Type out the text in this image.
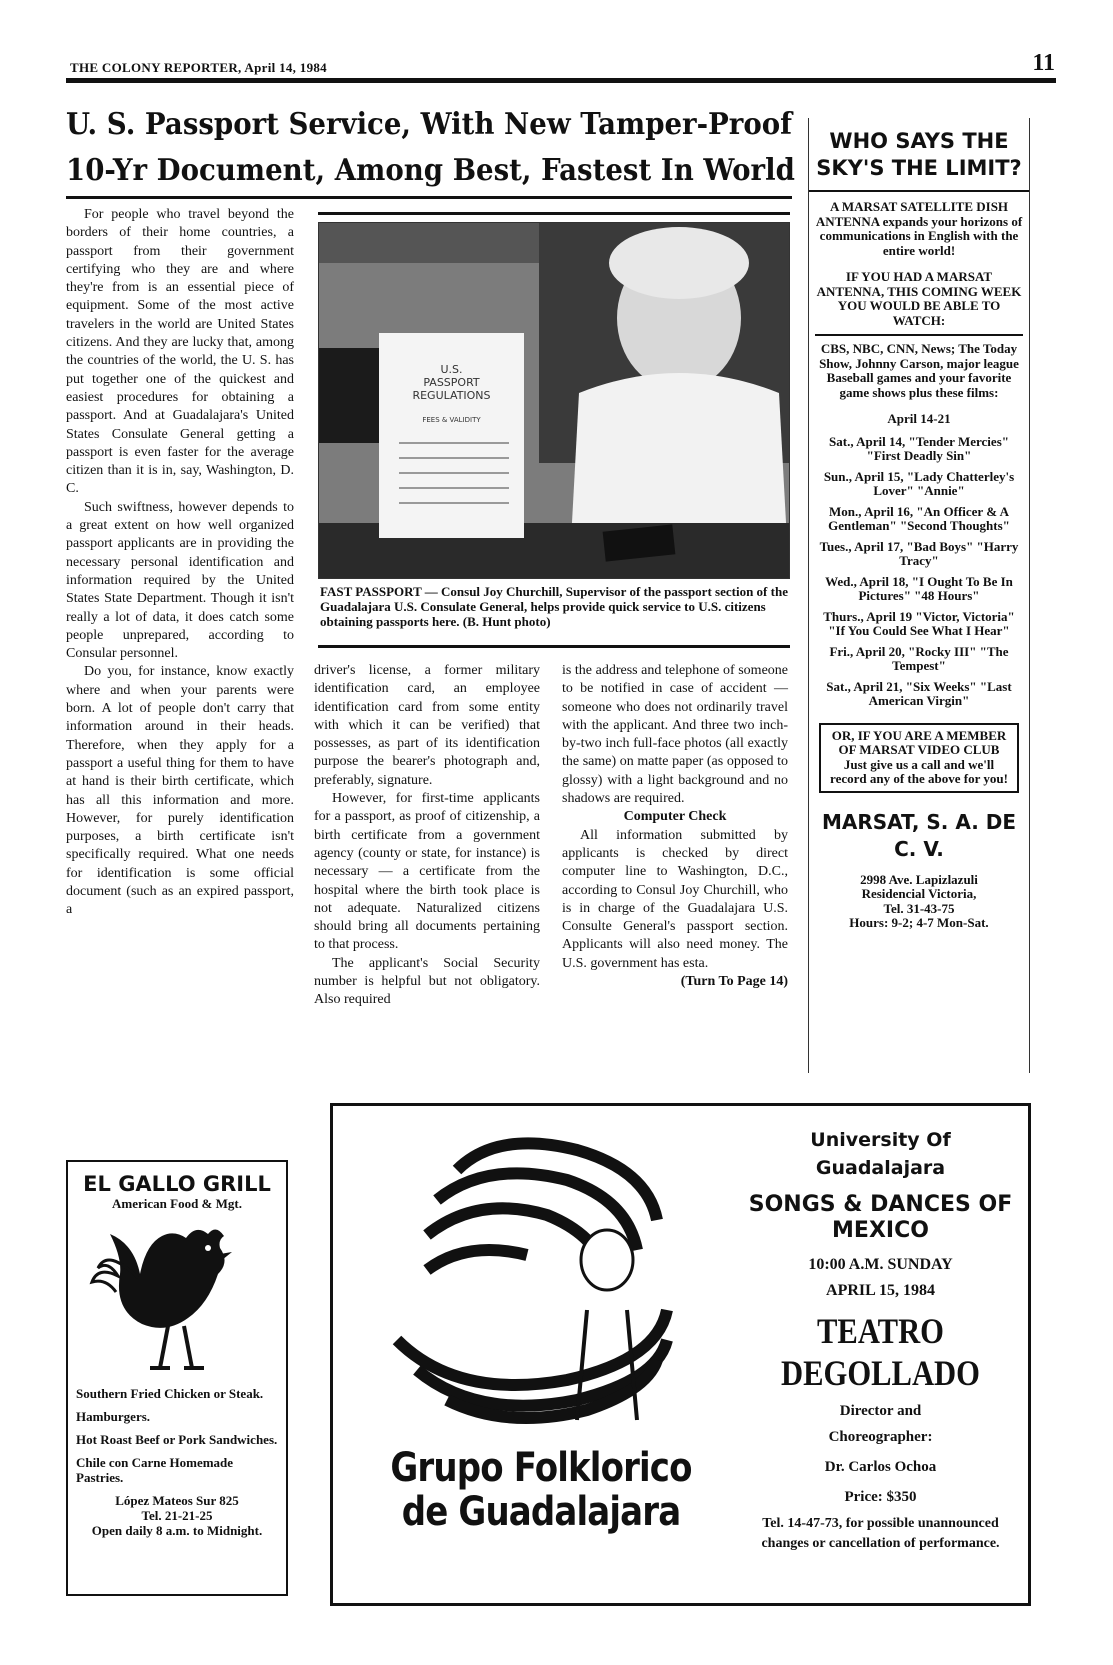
THE COLONY REPORTER, April 14, 1984	11
U. S. Passport Service, With New Tamper-Proof
10-Yr Document, Among Best, Fastest In World

For people who travel beyond the borders of their home countries, a passport from their government certifying who they are and where they're from is an essential piece of equipment. Some of the most active travelers in the world are United States citizens. And they are lucky that, among the countries of the world, the U. S. has put together one of the quickest and easiest procedures for obtaining a passport. And at Guadalajara's United States Consulate General getting a passport is even faster for the average citizen than it is in, say, Washington, D. C.

Such swiftness, however depends to a great extent on how well organized passport applicants are in providing the necessary personal identification and information required by the United States State Department. Though it isn't really a lot of data, it does catch some people unprepared, according to Consular personnel.

Do you, for instance, know exactly where and when your parents were born. A lot of people don't carry that information around in their heads. Therefore, when they apply for a passport a useful thing for them to have at hand is their birth certificate, which has all this information and more. However, for purely identification purposes, a birth certificate isn't specifically required. What one needs for identification is some official document (such as an expired passport, a

U.S.
PASSPORT
REGULATIONS
FEES & VALIDITY
FAST PASSPORT — Consul Joy Churchill, Supervisor of the passport section of the Guadalajara U.S. Consulate General, helps provide quick service to U.S. citizens obtaining passports here. (B. Hunt photo)

driver's license, a former military identification card, an employee identification card from some entity with which it can be verified) that possesses, as part of its identification purpose the bearer's photograph and, preferably, signature.

However, for first-time applicants for a passport, as proof of citizenship, a birth certificate from a government agency (county or state, for instance) is necessary — a certificate from the hospital where the birth took place is not adequate. Naturalized citizens should bring all documents pertaining to that process.

The applicant's Social Security number is helpful but not obligatory. Also required

is the address and telephone of someone to be notified in case of accident — someone who does not ordinarily travel with the applicant. And three two inch-by-two inch full-face photos (all exactly the same) on matte paper (as opposed to glossy) with a light background and no shadows are required.

Computer Check

All information submitted by applicants is checked by direct computer line to Washington, D.C., according to Consul Joy Churchill, who is in charge of the Guadalajara U.S. Consulte General's passport section. Applicants will also need money. The U.S. government has esta.

(Turn To Page 14)

WHO SAYS THE SKY'S THE LIMIT?
A MARSAT SATELLITE DISH ANTENNA expands your horizons of communications in English with the entire world!
IF YOU HAD A MARSAT ANTENNA, THIS COMING WEEK YOU WOULD BE ABLE TO WATCH:
CBS, NBC, CNN, News; The Today Show, Johnny Carson, major league Baseball games and your favorite game shows plus these films:
April 14-21
Sat., April 14, "Tender Mercies" "First Deadly Sin"
Sun., April 15, "Lady Chatterley's Lover" "Annie"
Mon., April 16, "An Officer & A Gentleman" "Second Thoughts"
Tues., April 17, "Bad Boys" "Harry Tracy"
Wed., April 18, "I Ought To Be In Pictures" "48 Hours"
Thurs., April 19 "Victor, Victoria" "If You Could See What I Hear"
Fri., April 20, "Rocky III" "The Tempest"
Sat., April 21, "Six Weeks" "Last American Virgin"
OR, IF YOU ARE A MEMBER OF MARSAT VIDEO CLUB
Just give us a call and we'll record any of the above for you!
MARSAT, S. A. DE C. V.
2998 Ave. Lapizlazuli
Residencial Victoria,
Tel. 31-43-75
Hours: 9-2; 4-7 Mon-Sat.
EL GALLO GRILL
American Food & Mgt.

Southern Fried Chicken or Steak.

Hamburgers.

Hot Roast Beef or Pork Sandwiches.

Chile con Carne Homemade Pastries.

López Mateos Sur 825
Tel. 21-21-25
Open daily 8 a.m. to Midnight.
Grupo Folklorico
de Guadalajara
University Of
Guadalajara
SONGS & DANCES OF MEXICO
10:00 A.M. SUNDAY
APRIL 15, 1984
TEATRO DEGOLLADO
Director and Choreographer:
Dr. Carlos Ochoa
Price: $350
Tel. 14-47-73, for possible unannounced changes or cancellation of performance.
